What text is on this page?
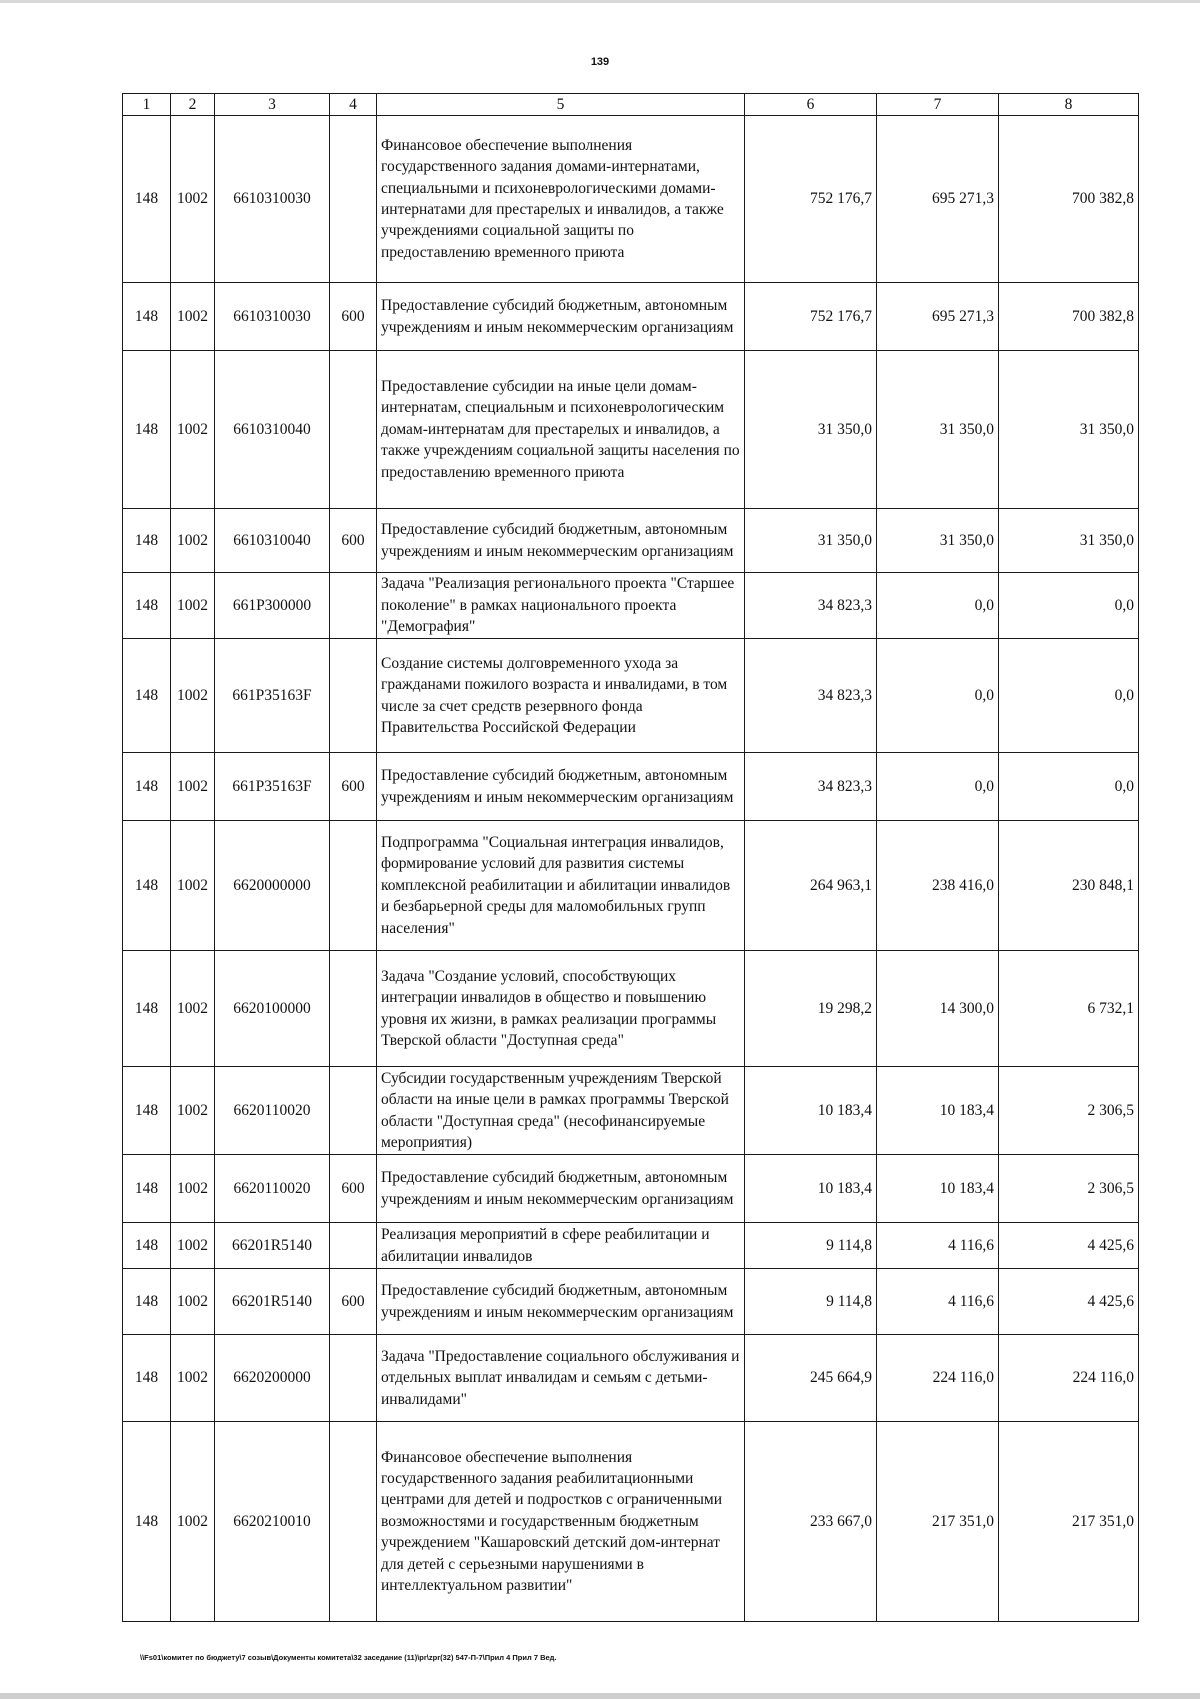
139
1	2	3	4	5	6	7	8
148	1002	6610310030		Финансовое обеспечение выполнения государственного задания домами-интернатами, специальными и психоневрологическими домами-интернатами для престарелых и инвалидов, а также учреждениями социальной защиты по предоставлению временного приюта	752 176,7	695 271,3	700 382,8
148	1002	6610310030	600	Предоставление субсидий бюджетным, автономным учреждениям и иным некоммерческим организациям	752 176,7	695 271,3	700 382,8
148	1002	6610310040		Предоставление субсидии на иные цели домам-интернатам, специальным и психоневрологическим домам-интернатам для престарелых и инвалидов, а также учреждениям социальной защиты населения по предоставлению временного приюта	31 350,0	31 350,0	31 350,0
148	1002	6610310040	600	Предоставление субсидий бюджетным, автономным учреждениям и иным некоммерческим организациям	31 350,0	31 350,0	31 350,0
148	1002	661Р300000		Задача "Реализация регионального проекта "Старшее поколение" в рамках национального проекта "Демография"	34 823,3	0,0	0,0
148	1002	661Р35163F		Создание системы долговременного ухода за гражданами пожилого возраста и инвалидами, в том числе за счет средств резервного фонда Правительства Российской Федерации	34 823,3	0,0	0,0
148	1002	661Р35163F	600	Предоставление субсидий бюджетным, автономным учреждениям и иным некоммерческим организациям	34 823,3	0,0	0,0
148	1002	6620000000		Подпрограмма "Социальная интеграция инвалидов, формирование условий для развития системы комплексной реабилитации и абилитации инвалидов и безбарьерной среды для маломобильных групп населения"	264 963,1	238 416,0	230 848,1
148	1002	6620100000		Задача "Создание условий, способствующих интеграции инвалидов в общество и повышению уровня их жизни, в рамках реализации программы Тверской области "Доступная среда"	19 298,2	14 300,0	6 732,1
148	1002	6620110020		Субсидии государственным учреждениям Тверской области на иные цели в рамках программы Тверской области "Доступная среда" (несофинансируемые мероприятия)	10 183,4	10 183,4	2 306,5
148	1002	6620110020	600	Предоставление субсидий бюджетным, автономным учреждениям и иным некоммерческим организациям	10 183,4	10 183,4	2 306,5
148	1002	66201R5140		Реализация мероприятий в сфере реабилитации и абилитации инвалидов	9 114,8	4 116,6	4 425,6
148	1002	66201R5140	600	Предоставление субсидий бюджетным, автономным учреждениям и иным некоммерческим организациям	9 114,8	4 116,6	4 425,6
148	1002	6620200000		Задача "Предоставление социального обслуживания и отдельных выплат инвалидам и семьям с детьми-инвалидами"	245 664,9	224 116,0	224 116,0
148	1002	6620210010		Финансовое обеспечение выполнения государственного задания реабилитационными центрами для детей и подростков с ограниченными возможностями и государственным бюджетным учреждением "Кашаровский детский дом-интернат для детей с серьезными нарушениями в интеллектуальном развитии"	233 667,0	217 351,0	217 351,0
\\Fs01\комитет по бюджету\7 созыв\Документы комитета\32 заседание (11)\pr\zpr(32) 547-П-7\Прил 4 Прил 7 Вед.
